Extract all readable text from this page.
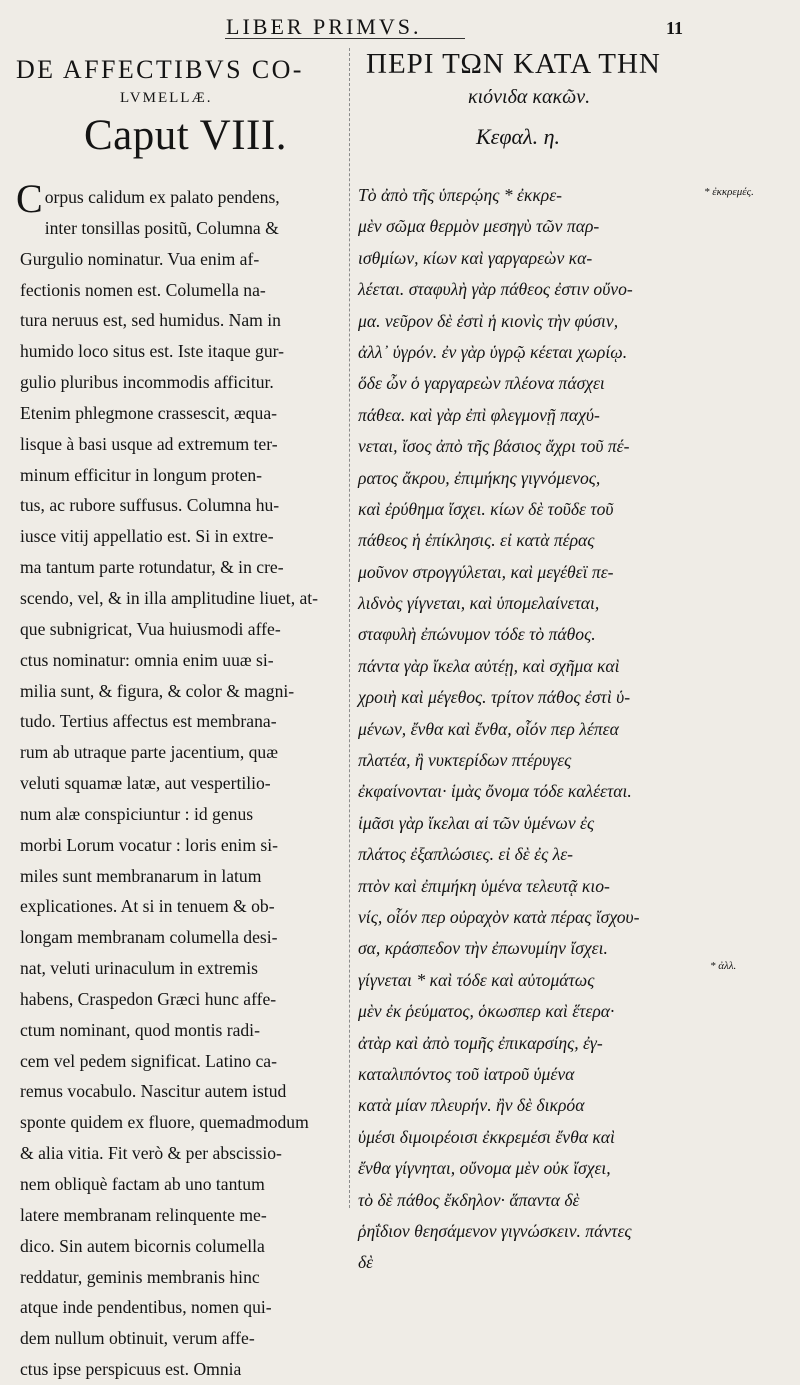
LIBER PRIMVS.	11
DE AFFECTIBVS CO-
LVMELLÆ.
Caput VIII.
ΠΕΡΙ ΤΩΝ ΚΑΤΑ ΤΗΝ
κιόνιδα κακῶν.
Κεφαλ. η.
C orpus calidum ex palato pendens,
inter tonsillas positũ, Columna &
Gurgulio nominatur. Vua enim af-
fectionis nomen est. Columella na-
tura neruus est, sed humidus. Nam in
humido loco situs est. Iste itaque gur-
gulio pluribus incommodis afficitur.
Etenim phlegmone crassescit, æqua-
lisque à basi usque ad extremum ter-
minum efficitur in longum proten-
tus, ac rubore suffusus. Columna hu-
iusce vitij appellatio est. Si in extre-
ma tantum parte rotundatur, & in cre-
scendo, vel, & in illa amplitudine liuet, at-
que subnigricat, Vua huiusmodi affe-
ctus nominatur: omnia enim uuæ si-
milia sunt, & figura, & color & magni-
tudo. Tertius affectus est membrana-
rum ab utraque parte jacentium, quæ
veluti squamæ latæ, aut vespertilio-
num alæ conspiciuntur : id genus
morbi Lorum vocatur : loris enim si-
miles sunt membranarum in latum
explicationes. At si in tenuem & ob-
longam membranam columella desi-
nat, veluti urinaculum in extremis
habens, Craspedon Græci hunc affe-
ctum nominant, quod montis radi-
cem vel pedem significat. Latino ca-
remus vocabulo. Nascitur autem istud
sponte quidem ex fluore, quemadmodum
& alia vitia. Fit verò & per abscissio-
nem obliquè factam ab uno tantum
latere membranam relinquente me-
dico. Sin autem bicornis columella
reddatur, geminis membranis hinc
atque inde pendentibus, nomen qui-
dem nullum obtinuit, verum affe-
ctus ipse perspicuus est. Omnia
Τὸ ἀπὸ τῆς ὑπερῴης * ἐκκρε-
μὲν σῶμα θερμὸν μεσηγὺ τῶν παρ-
ισθμίων, κίων καὶ γαργαρεὼν κα-
λέεται. σταφυλὴ γὰρ πάθεος ἐστιν οὔνο-
μα. νεῦρον δὲ ἐστὶ ἡ κιονὶς τὴν φύσιν,
ἀλλ᾽ ὑγρόν. ἐν γὰρ ὑγρῷ κέεται χωρίῳ.
ὅδε ὦν ὁ γαργαρεὼν πλέονα πάσχει
πάθεα. καὶ γὰρ ἐπὶ φλεγμονῇ παχύ-
νεται, ἴσος ἀπὸ τῆς βάσιος ἄχρι τοῦ πέ-
ρατος ἄκρου, ἐπιμήκης γιγνόμενος,
καὶ ἐρύθημα ἴσχει. κίων δὲ τοῦδε τοῦ
πάθεος ἡ ἐπίκλησις. εἰ κατὰ πέρας
μοῦνον στρογγύλεται, καὶ μεγέθεϊ πε-
λιδνὸς γίγνεται, καὶ ὑπομελαίνεται,
σταφυλὴ ἐπώνυμον τόδε τὸ πάθος.
πάντα γὰρ ἴκελα αὐτέῃ, καὶ σχῆμα καὶ
χροιὴ καὶ μέγεθος. τρίτον πάθος ἐστὶ ὑ-
μένων, ἔνθα καὶ ἔνθα, οἷόν περ λέπεα
πλατέα, ἢ νυκτερίδων πτέρυγες
ἐκφαίνονται· ἱμὰς ὄνομα τόδε καλέεται.
ἱμᾶσι γὰρ ἴκελαι αἱ τῶν ὑμένων ἐς
πλάτος ἐξαπλώσιες. εἰ δὲ ἐς λε-
πτὸν καὶ ἐπιμήκη ὑμένα τελευτᾷ κιο-
νίς, οἷόν περ οὐραχὸν κατὰ πέρας ἴσχου-
σα, κράσπεδον τὴν ἐπωνυμίην ἴσχει.
γίγνεται * καὶ τόδε καὶ αὐτομάτως
μὲν ἐκ ῥεύματος, ὁκωσπερ καὶ ἕτερα·
ἀτὰρ καὶ ἀπὸ τομῆς ἐπικαρσίης, ἐγ-
καταλιπόντος τοῦ ἰατροῦ ὑμένα
κατὰ μίαν πλευρήν. ἢν δὲ δικρόα
ὑμέσι διμοιρέοισι ἐκκρεμέσι ἔνθα καὶ
ἔνθα γίγνηται, οὔνομα μὲν οὐκ ἴσχει,
τὸ δὲ πάθος ἔκδηλον· ἅπαντα δὲ
ῥηΐδιον θεησάμενον γιγνώσκειν. πάντες
δὲ
* ἐκκρεμές.
* ἀλλ.
